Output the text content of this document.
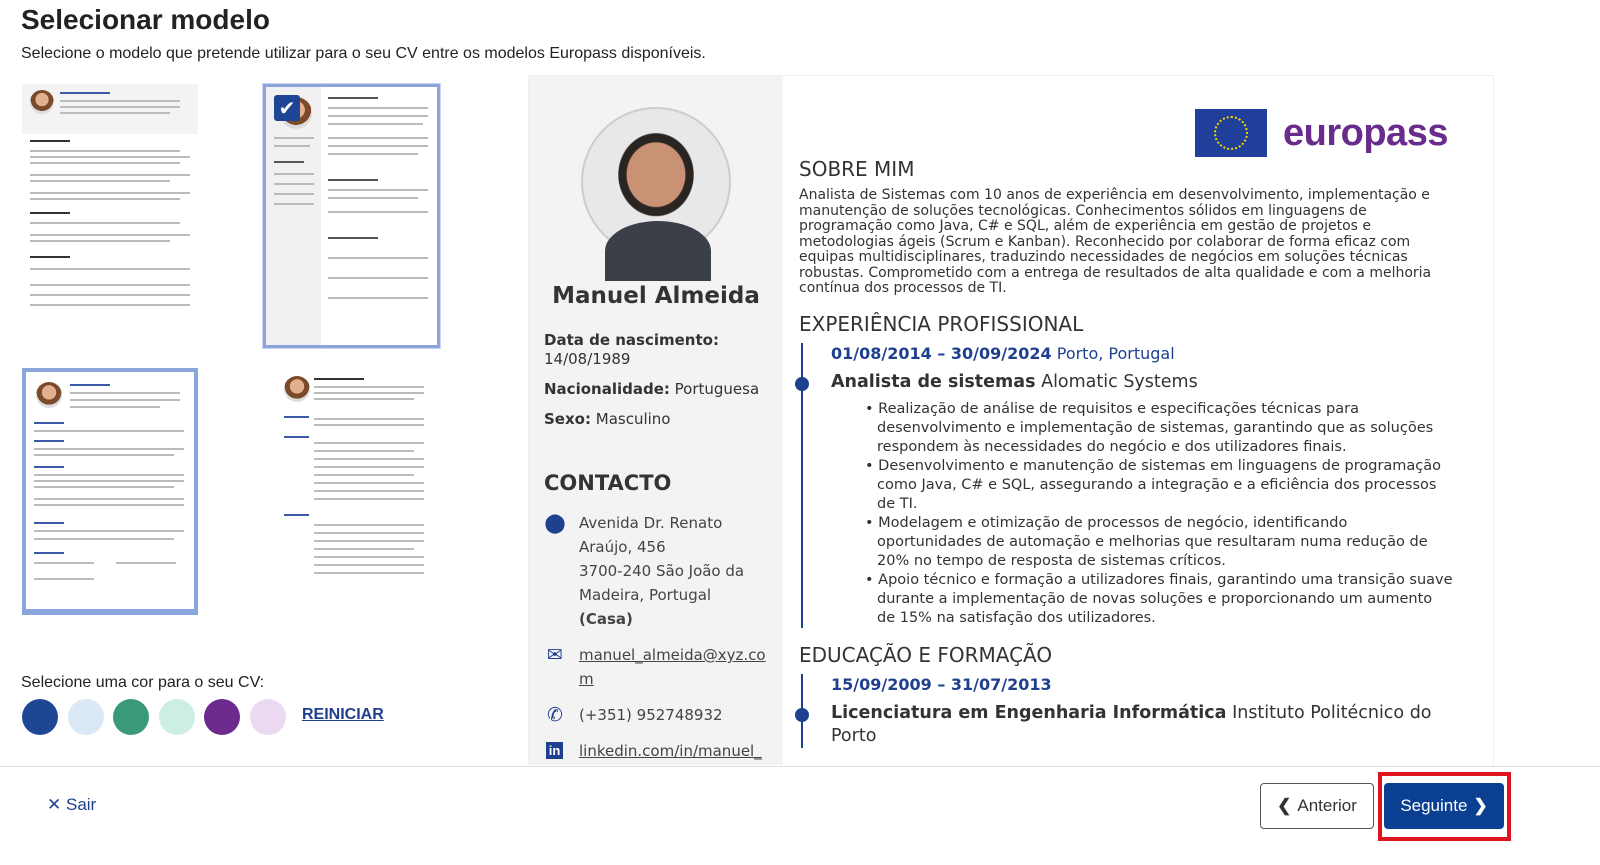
Selecionar modelo
Selecione o modelo que pretende utilizar para o seu CV entre os modelos Europass disponíveis.
✔
Selecione uma cor para o seu CV:
REINICIAR
Manuel Almeida
Data de nascimento:
14/08/1989
Nacionalidade: Portuguesa
Sexo: Masculino
CONTACTO
⬤ Avenida Dr. Renato Araújo, 456
3700-240 São João da Madeira, Portugal (Casa)
✉ manuel_almeida@xyz.com
✆ (+351) 952748932
in linkedin.com/in/manuel_
europass
SOBRE MIM
Analista de Sistemas com 10 anos de experiência em desenvolvimento, implementação e manutenção de soluções tecnológicas. Conhecimentos sólidos em linguagens de programação como Java, C# e SQL, além de experiência em gestão de projetos e metodologias ágeis (Scrum e Kanban). Reconhecido por colaborar de forma eficaz com equipas multidisciplinares, traduzindo necessidades de negócios em soluções técnicas robustas. Comprometido com a entrega de resultados de alta qualidade e com a melhoria contínua dos processos de TI.
EXPERIÊNCIA PROFISSIONAL
01/08/2014 – 30/09/2024 Porto, Portugal
Analista de sistemas Alomatic Systems
• Realização de análise de requisitos e especificações técnicas para desenvolvimento e implementação de sistemas, garantindo que as soluções respondem às necessidades do negócio e dos utilizadores finais.
• Desenvolvimento e manutenção de sistemas em linguagens de programação como Java, C# e SQL, assegurando a integração e a eficiência dos processos de TI.
• Modelagem e otimização de processos de negócio, identificando oportunidades de automação e melhorias que resultaram numa redução de 20% no tempo de resposta de sistemas críticos.
• Apoio técnico e formação a utilizadores finais, garantindo uma transição suave durante a implementação de novas soluções e proporcionando um aumento de 15% na satisfação dos utilizadores.
EDUCAÇÃO E FORMAÇÃO
15/09/2009 – 31/07/2013
Licenciatura em Engenharia Informática Instituto Politécnico do Porto
✕ Sair	❮ Anterior	Seguinte ❯
